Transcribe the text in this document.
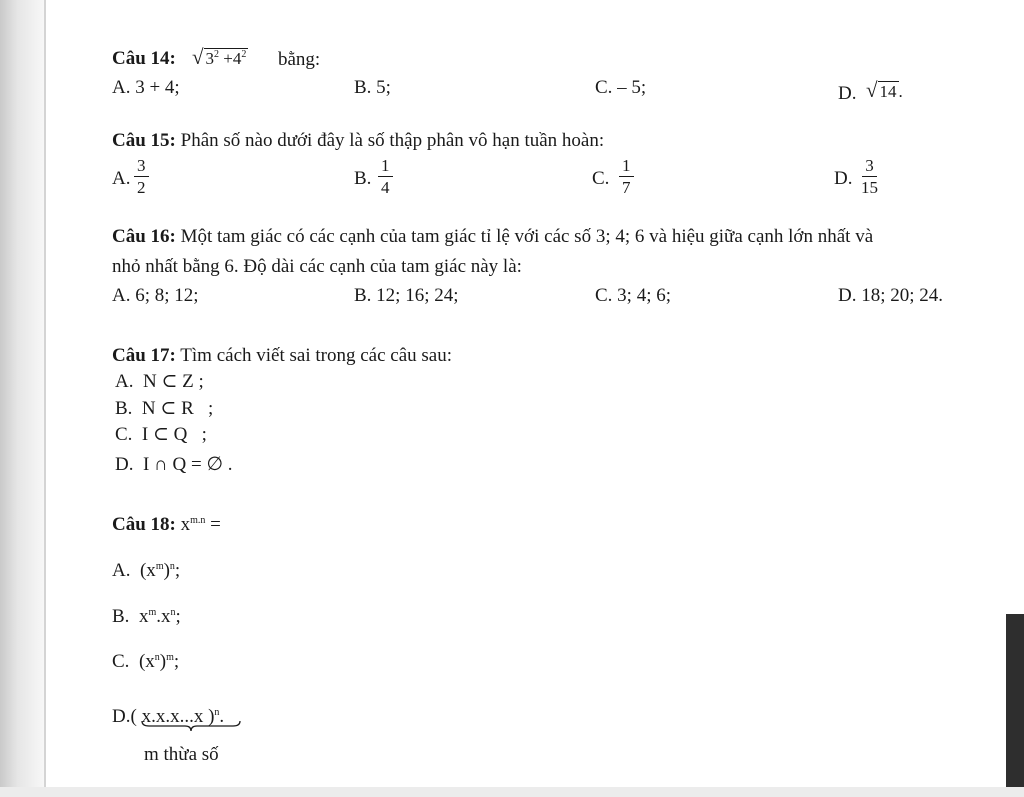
Câu 14: √ $3^2 +4^2$ bằng:
A. 3 + 4;	B. 5;	C. – 5;	D. √ 14 .
Câu 15: Phân số nào dưới đây là số thập phân vô hạn tuần hoàn:
A. $\frac{3}{2}$	B. $\frac{1}{4}$	C. $\frac{1}{7}$	D. $\frac{3}{15}$
Câu 16: Một tam giác có các cạnh của tam giác tỉ lệ với các số 3; 4; 6 và hiệu giữa cạnh lớn nhất và
nhỏ nhất bằng 6. Độ dài các cạnh của tam giác này là:
A. 6; 8; 12;	B. 12; 16; 24;	C. 3; 4; 6;	D. 18; 20; 24.
Câu 17: Tìm cách viết sai trong các câu sau:
A.  N ⊂ Z ;
B.  N ⊂ R   ;
C.  I ⊂ Q   ;
D.  I ∩ Q = ∅ .
Câu 18: $x^{m.n}$ =
A. $(x^m)^n$;
B. $x^m.x^n$;
C. $(x^n)^m$;
D.( x.x.x...x )$^n$.
m thừa số
